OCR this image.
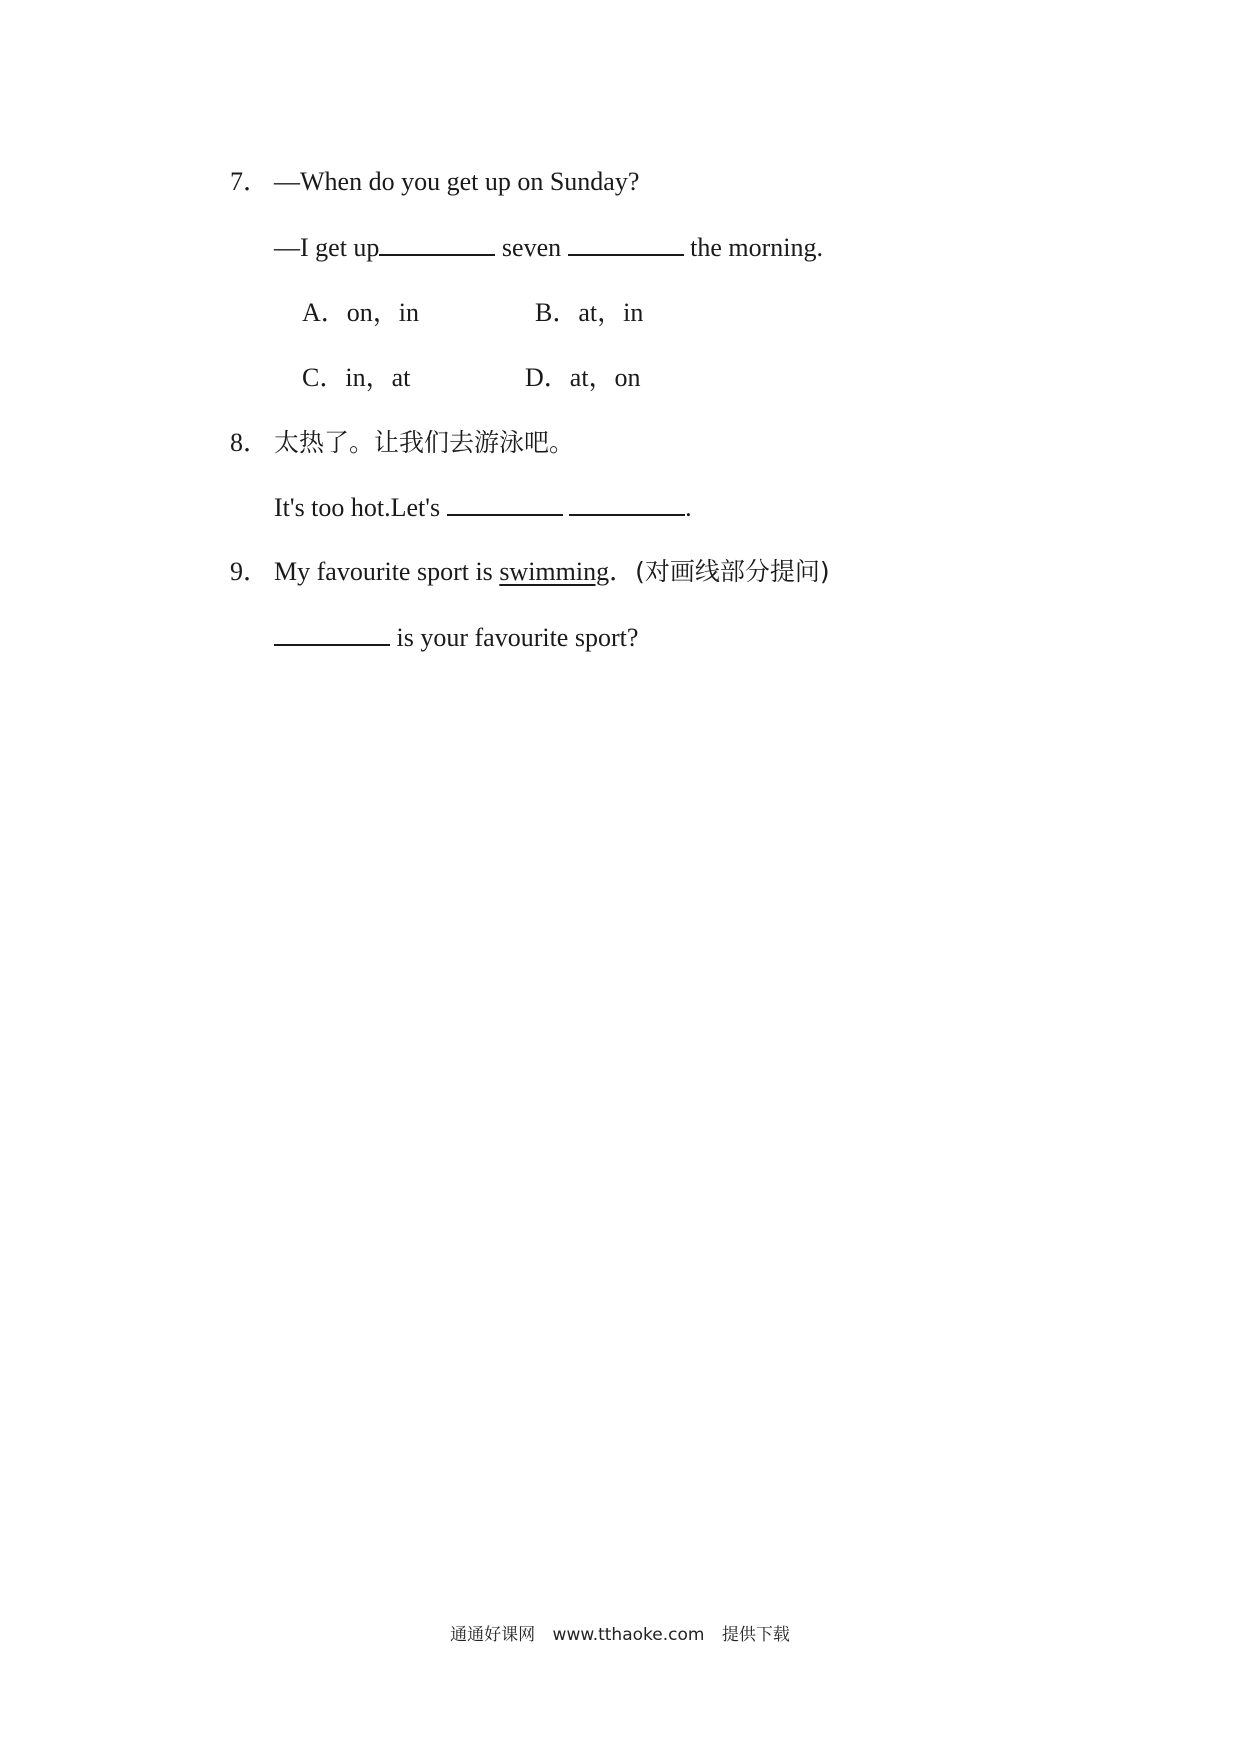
7． —When do you get up on Sunday?
—I get up	seven	the morning.
A．on，in	B．at，in
C．in，at	D．at，on
8． 太热了。让我们去游泳吧。
It's too hot.Let's	.
9． My favourite sport is swimming．(对画线部分提问)
is your favourite sport?
通通好课网 www.tthaoke.com 提供下载
